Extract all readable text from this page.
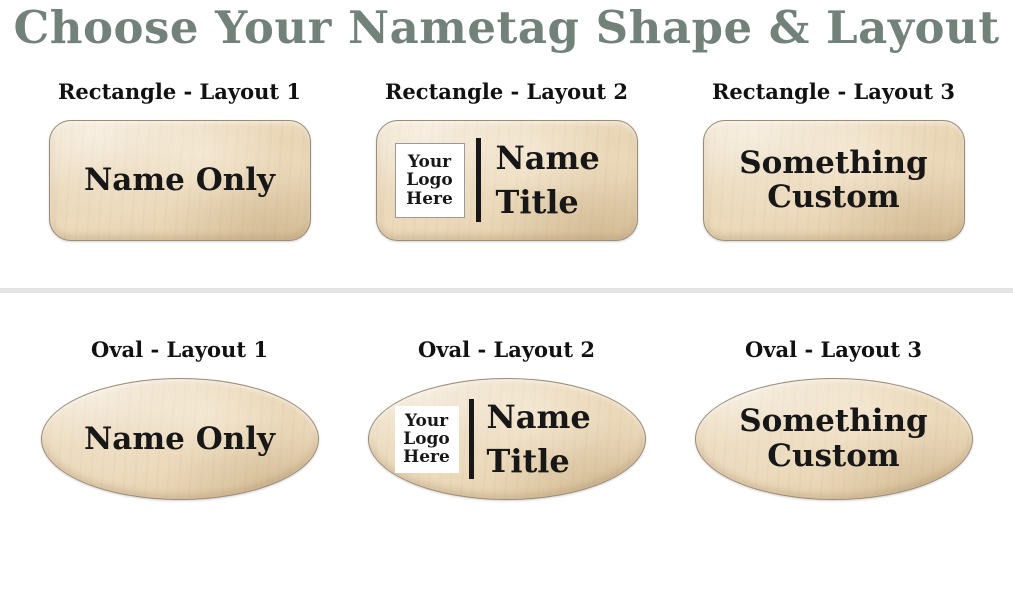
Choose Your Nametag Shape & Layout
Rectangle - Layout 1
Name Only
Rectangle - Layout 2
Your
Logo
Here
Name
Title
Rectangle - Layout 3
Something
Custom
Oval - Layout 1
Name Only
Oval - Layout 2
Your
Logo
Here
Name
Title
Oval - Layout 3
Something
Custom
